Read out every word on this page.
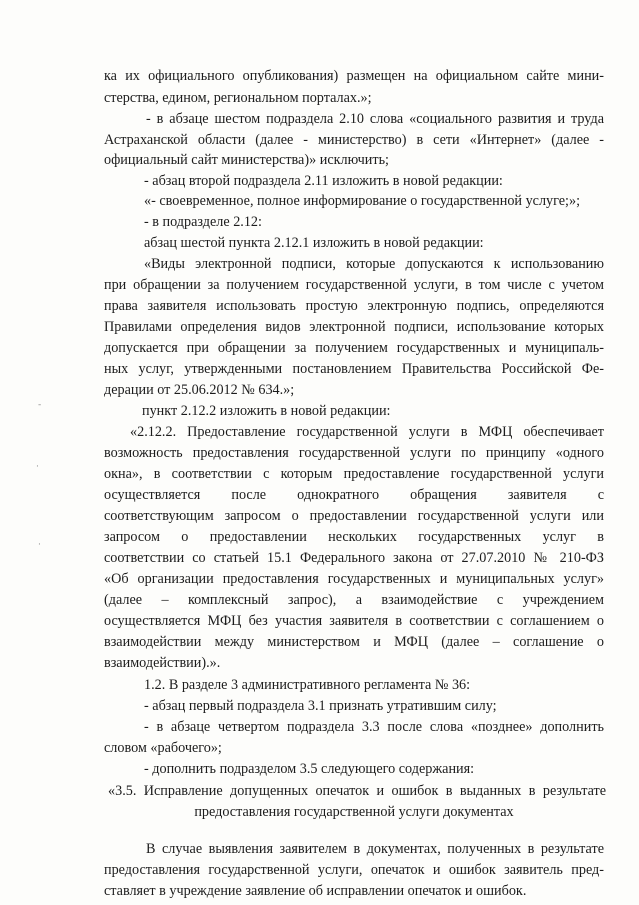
ка их официального опубликования) размещен на официальном сайте мини-

стерства, едином, региональном порталах.»;

- в абзаце шестом подраздела 2.10 слова «социального развития и труда

Астраханской области (далее - министерство) в сети «Интернет» (далее -

официальный сайт министерства)» исключить;

- абзац второй подраздела 2.11 изложить в новой редакции:

«- своевременное, полное информирование о государственной услуге;»;

- в подразделе 2.12:

абзац шестой пункта 2.12.1 изложить в новой редакции:

«Виды электронной подписи, которые допускаются к использованию

при обращении за получением государственной услуги, в том числе с учетом

права заявителя использовать простую электронную подпись, определяются

Правилами определения видов электронной подписи, использование которых

допускается при обращении за получением государственных и муниципаль-

ных услуг, утвержденными постановлением Правительства Российской Фе-

дерации от 25.06.2012 № 634.»;

пункт 2.12.2 изложить в новой редакции:

«2.12.2. Предоставление государственной услуги в МФЦ обеспечивает

возможность предоставления государственной услуги по принципу «одного

окна», в соответствии с которым предоставление государственной услуги

осуществляется после однократного обращения заявителя с

соответствующим запросом о предоставлении государственной услуги или

запросом о предоставлении нескольких государственных услуг в

соответствии со статьей 15.1 Федерального закона от 27.07.2010 № 210-ФЗ

«Об организации предоставления государственных и муниципальных услуг»

(далее – комплексный запрос), а взаимодействие с учреждением

осуществляется МФЦ без участия заявителя в соответствии с соглашением о

взаимодействии между министерством и МФЦ (далее – соглашение о

взаимодействии).».

1.2. В разделе 3 административного регламента № 36:

- абзац первый подраздела 3.1 признать утратившим силу;

- в абзаце четвертом подраздела 3.3 после слова «позднее» дополнить

словом «рабочего»;

- дополнить подразделом 3.5 следующего содержания:

«3.5. Исправление допущенных опечаток и ошибок в выданных в результате

предоставления государственной услуги документах

В случае выявления заявителем в документах, полученных в результате

предоставления государственной услуги, опечаток и ошибок заявитель пред-

ставляет в учреждение заявление об исправлении опечаток и ошибок.

-
·
·
